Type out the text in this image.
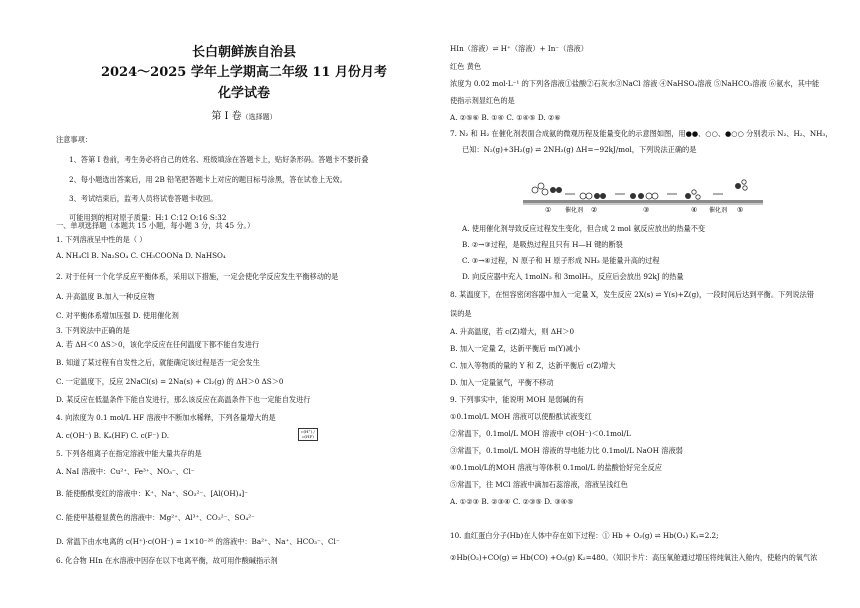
长白朝鲜族自治县
2024～2025 学年上学期高二年级 11 月份月考
化学试卷
第 I 卷（选择题）
注意事项：
1、答第 I 卷前，考生务必将自己的姓名、班级填涂在答题卡上，贴好条形码。答题卡不要折叠
2、每小题选出答案后，用 2B 铅笔把答题卡上对应的题目标号涂黑，答在试卷上无效。
3、考试结束后，监考人员将试卷答题卡收回。
可能用到的相对原子质量：H:1 C:12 O:16 S:32
一、单项选择题（本题共 15 小题，每小题 3 分，共 45 分。）
1. 下列溶液呈中性的是（ ）
A. NH₄Cl B. Na₂SO₄ C. CH₃COONa D. NaHSO₄
2. 对于任何一个化学反应平衡体系，采用以下措施，一定会使化学反应发生平衡移动的是
A. 升高温度 B.加入一种反应物
C. 对平衡体系增加压强 D. 使用催化剂
3. 下列说法中正确的是
A. 若 ΔH＜0 ΔS＞0，该化学反应在任何温度下都不能自发进行
B. 知道了某过程有自发性之后，就能确定该过程是否一定会发生
C. 一定温度下，反应 2NaCl(s) = 2Na(s) + Cl₂(g) 的 ΔH＞0 ΔS＞0
D. 某反应在低温条件下能自发进行，那么该反应在高温条件下也一定能自发进行
4. 向浓度为 0.1 mol/L HF 溶液中不断加水稀释，下列各量增大的是
A. c(OH⁻) B. Kₐ(HF) C. c(F⁻) D.	c(H⁺) / c(HF)
5. 下列各组离子在指定溶液中能大量共存的是
A. NaI 溶液中：Cu²⁺、Fe³⁺、NO₃⁻、Cl⁻
B. 能使酚酞变红的溶液中：K⁺、Na⁺、SO₃²⁻、[Al(OH)₄]⁻
C. 能使甲基橙显黄色的溶液中：Mg²⁺、Al³⁺、CO₃²⁻、SO₄²⁻
D. 常温下由水电离的 c(H⁺)·c(OH⁻) = 1×10⁻²⁶ 的溶液中：Ba²⁺、Na⁺、HCO₃⁻、Cl⁻
6. 化合物 HIn 在水溶液中因存在以下电离平衡，故可用作酸碱指示剂
HIn（溶液）⇌ H⁺（溶液）+ In⁻（溶液）
红色 黄色
浓度为 0.02 mol·L⁻¹ 的下列各溶液①盐酸②石灰水③NaCl 溶液 ④NaHSO₄溶液 ⑤NaHCO₃溶液 ⑥氨水，其中能
使指示剂显红色的是
A. ②⑤⑥ B. ①④ C. ①④⑤ D. ②⑥
7. N₂ 和 H₂ 在催化剂表面合成氨的微观历程及能量变化的示意图如图，用●●、○○、●○○ 分别表示 N₂、H₂、NH₃，
已知：N₂(g)+3H₂(g) ⇌ 2NH₃(g) ΔH=−92kJ/mol，下列说法正确的是
①	②	③	④	⑤
催化剂	催化剂
A. 使用催化剂导致反应过程发生变化，但合成 2 mol 氨反应放出的热量不变
B. ②→③过程，是吸热过程且只有 H—H 键的断裂
C. ③→④过程，N 原子和 H 原子形成 NH₃ 是能量升高的过程
D. 向反应器中充入 1molN₂ 和 3molH₂，反应后会放出 92kJ 的热量
8. 某温度下，在恒容密闭容器中加入一定量 X，发生反应 2X(s) ⇌ Y(s)+Z(g)，一段时间后达到平衡。下列说法错
误的是
A. 升高温度，若 c(Z)增大，则 ΔH＞0
B. 加入一定量 Z，达新平衡后 m(Y)减小
C. 加入等物质的量的 Y 和 Z，达新平衡后 c(Z)增大
D. 加入一定量氩气，平衡不移动
9. 下列事实中，能说明 MOH 是弱碱的有
①0.1mol/L MOH 溶液可以使酚酞试液变红
②常温下，0.1mol/L MOH 溶液中 c(OH⁻)＜0.1mol/L
③常温下，0.1mol/L MOH 溶液的导电能力比 0.1mol/L NaOH 溶液弱
④0.1mol/L的MOH 溶液与等体积 0.1mol/L 的盐酸恰好完全反应
⑤常温下，往 MCl 溶液中滴加石蕊溶液，溶液呈浅红色
A. ①②③ B. ②③④ C. ②③⑤ D. ③④⑤
10. 血红蛋白分子(Hb)在人体中存在如下过程：① Hb + O₂(g) ⇌ Hb(O₂) K₁=2.2;
②Hb(O₂)+CO(g) ⇌ Hb(CO) +O₂(g) K₂=480。（知识卡片：高压氧舱通过增压将纯氧注入舱内，使舱内的氧气浓
